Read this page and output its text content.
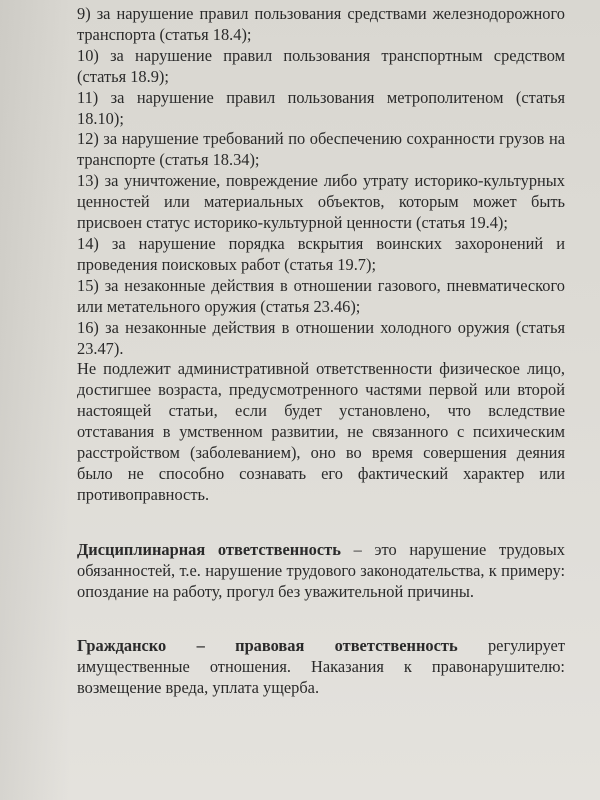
9) за нарушение правил пользования средствами железнодорожного транспорта (статья 18.4);

10) за нарушение правил пользования транспортным средством (статья 18.9);

11) за нарушение правил пользования метрополитеном (статья 18.10);

12) за нарушение требований по обеспечению сохранности грузов на транспорте (статья 18.34);

13) за уничтожение, повреждение либо утрату историко-культурных ценностей или материальных объектов, которым может быть присвоен статус историко-культурной ценности (статья 19.4);

14) за нарушение порядка вскрытия воинских захоронений и проведения поисковых работ (статья 19.7);

15) за незаконные действия в отношении газового, пневматического или метательного оружия (статья 23.46);

16) за незаконные действия в отношении холодного оружия (статья 23.47).

Не подлежит административной ответственности физическое лицо, достигшее возраста, предусмотренного частями первой или второй настоящей статьи, если будет установлено, что вследствие отставания в умственном развитии, не связанного с психическим расстройством (заболеванием), оно во время совершения деяния было не способно сознавать его фактический характер или противоправность.

Дисциплинарная ответственность – это нарушение трудовых обязанностей, т.е. нарушение трудового законодательства, к примеру: опоздание на работу, прогул без уважительной причины.

Гражданско – правовая ответственность регулирует имущественные отношения. Наказания к правонарушителю: возмещение вреда, уплата ущерба.
